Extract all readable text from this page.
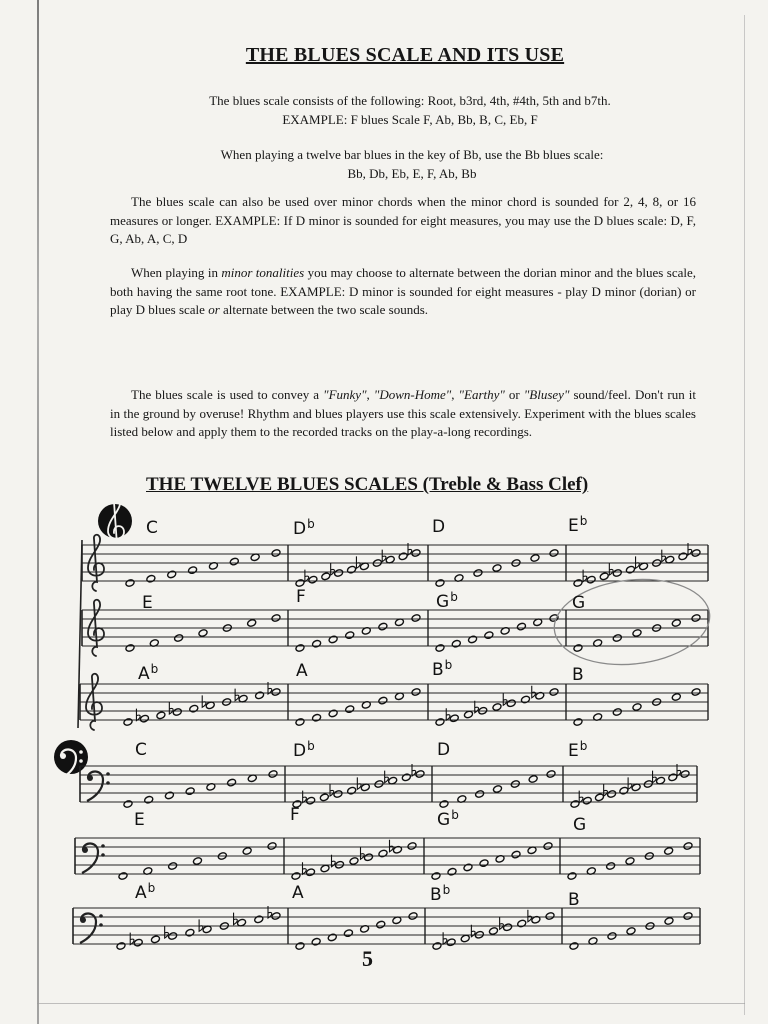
THE BLUES SCALE AND ITS USE

The blues scale consists of the following: Root, b3rd, 4th, #4th, 5th and b7th.
EXAMPLE: F blues Scale F, Ab, Bb, B, C, Eb, F

When playing a twelve bar blues in the key of Bb, use the Bb blues scale:
Bb, Db, Eb, E, F, Ab, Bb

The blues scale can also be used over minor chords when the minor chord is sounded for 2, 4, 8, or 16 measures or longer. EXAMPLE: If D minor is sounded for eight measures, you may use the D blues scale: D, F, G, Ab, A, C, D

When playing in minor tonalities you may choose to alternate between the dorian minor and the blues scale, both having the same root tone. EXAMPLE: D minor is sounded for eight measures - play D minor (dorian) or play D blues scale or alternate between the two scale sounds.

The blues scale is used to convey a "Funky", "Down-Home", "Earthy" or "Blusey" sound/feel. Don't run it in the ground by overuse! Rhythm and blues players use this scale extensively. Experiment with the blues scales listed below and apply them to the recorded tracks on the play-a-long recordings.

THE TWELVE BLUES SCALES (Treble & Bass Clef)
C	$D^b$	D	$E^b$
E	F	$G^b$	G
$A^b$	A	$B^b$	B
C	$D^b$	D	$E^b$
E	F	$G^b$	G
$A^b$	A	$B^b$	B
5
